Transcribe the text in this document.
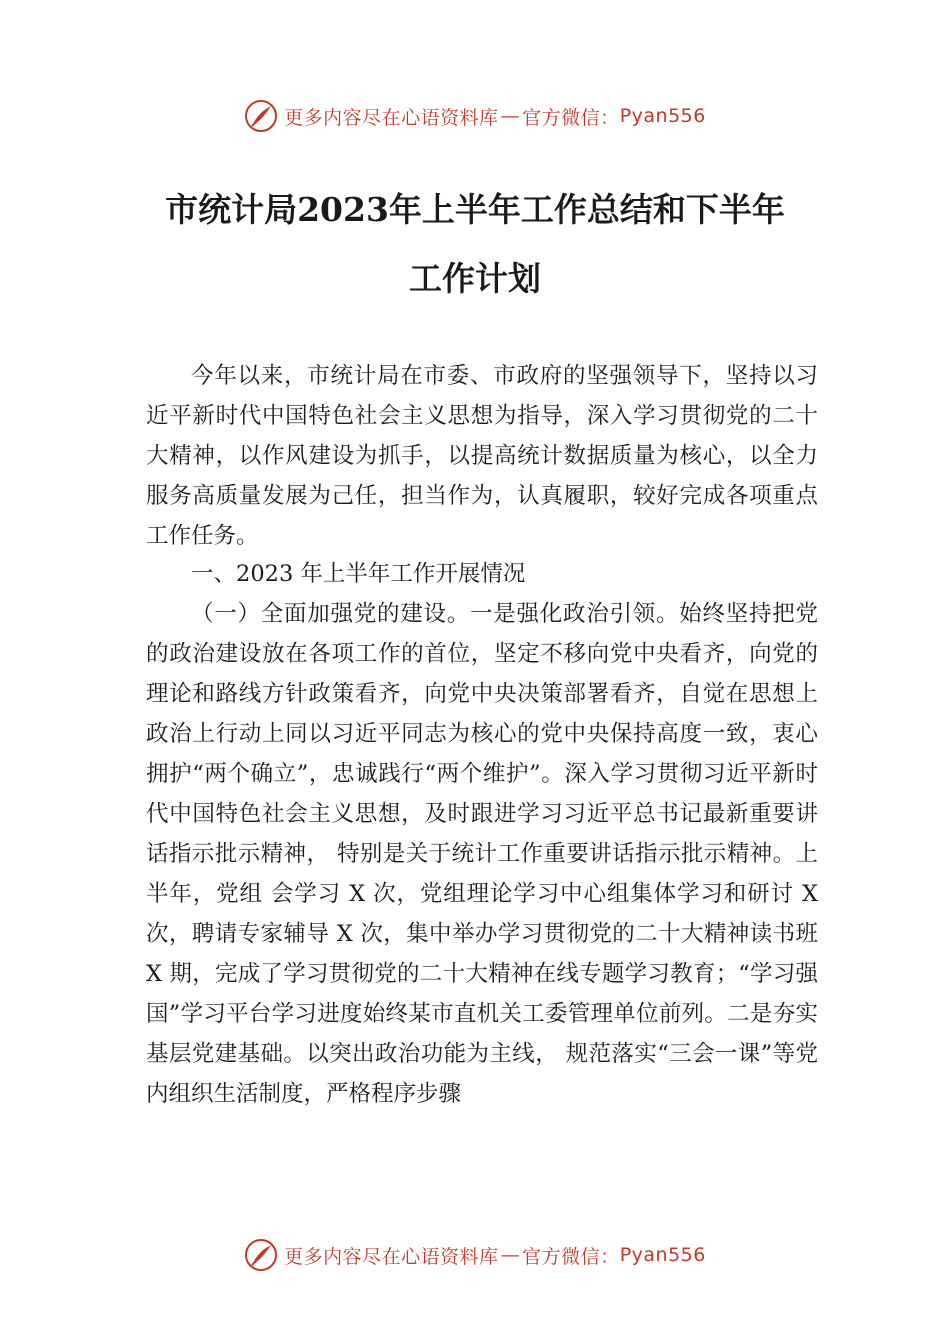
更多内容尽在心语资料库 — 官方微信： Pyan556
市统计局2023年上半年工作总结和下半年
工作计划

今年以来，市统计局在市委、市政府的坚强领导下，坚持以习近平新时代中国特色社会主义思想为指导，深入学习贯彻党的二十大精神，以作风建设为抓手，以提高统计数据质量为核心，以全力服务高质量发展为己任，担当作为，认真履职，较好完成各项重点工作任务。

一、2023 年上半年工作开展情况

（一）全面加强党的建设。一是强化政治引领。始终坚持把党的政治建设放在各项工作的首位，坚定不移向党中央看齐，向党的理论和路线方针政策看齐，向党中央决策部署看齐，自觉在思想上政治上行动上同以习近平同志为核心的党中央保持高度一致，衷心拥护“两个确立”，忠诚践行“两个维护”。深入学习贯彻习近平新时代中国特色社会主义思想，及时跟进学习习近平总书记最新重要讲话指示批示精神， 特别是关于统计工作重要讲话指示批示精神。上半年，党组 会学习 X 次，党组理论学习中心组集体学习和研讨 X 次，聘请专家辅导 X 次，集中举办学习贯彻党的二十大精神读书班 X 期，完成了学习贯彻党的二十大精神在线专题学习教育；“学习强国”学习平台学习进度始终某市直机关工委管理单位前列。二是夯实基层党建基础。以突出政治功能为主线， 规范落实“三会一课”等党内组织生活制度，严格程序步骤

更多内容尽在心语资料库 — 官方微信： Pyan556
